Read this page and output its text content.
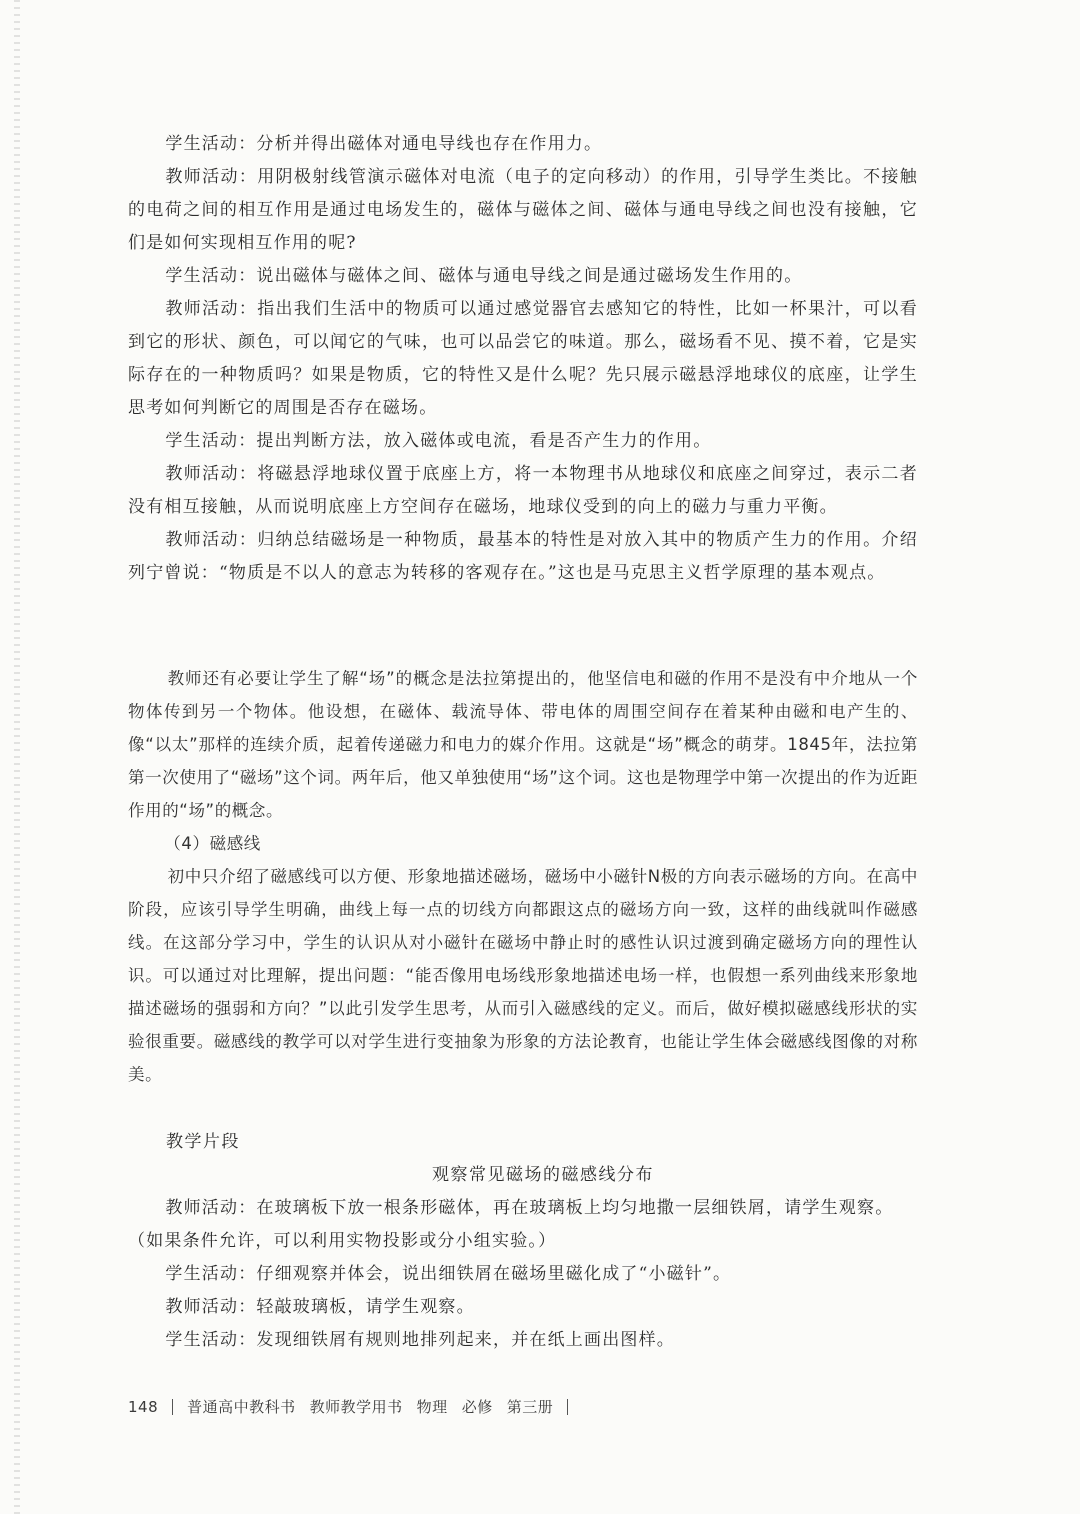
学生活动：分析并得出磁体对通电导线也存在作用力。

教师活动：用阴极射线管演示磁体对电流（电子的定向移动）的作用，引导学生类比。不接触的电荷之间的相互作用是通过电场发生的，磁体与磁体之间、磁体与通电导线之间也没有接触，它们是如何实现相互作用的呢?

学生活动：说出磁体与磁体之间、磁体与通电导线之间是通过磁场发生作用的。

教师活动：指出我们生活中的物质可以通过感觉器官去感知它的特性，比如一杯果汁，可以看到它的形状、颜色，可以闻它的气味，也可以品尝它的味道。那么，磁场看不见、摸不着，它是实际存在的一种物质吗？如果是物质，它的特性又是什么呢？先只展示磁悬浮地球仪的底座，让学生思考如何判断它的周围是否存在磁场。

学生活动：提出判断方法，放入磁体或电流，看是否产生力的作用。

教师活动：将磁悬浮地球仪置于底座上方，将一本物理书从地球仪和底座之间穿过，表示二者没有相互接触，从而说明底座上方空间存在磁场，地球仪受到的向上的磁力与重力平衡。

教师活动：归纳总结磁场是一种物质，最基本的特性是对放入其中的物质产生力的作用。介绍列宁曾说：“物质是不以人的意志为转移的客观存在。”这也是马克思主义哲学原理的基本观点。

教师还有必要让学生了解“场”的概念是法拉第提出的，他坚信电和磁的作用不是没有中介地从一个物体传到另一个物体。他设想，在磁体、载流导体、带电体的周围空间存在着某种由磁和电产生的、像“以太”那样的连续介质，起着传递磁力和电力的媒介作用。这就是“场”概念的萌芽。1845年，法拉第第一次使用了“磁场”这个词。两年后，他又单独使用“场”这个词。这也是物理学中第一次提出的作为近距作用的“场”的概念。

（4）磁感线

初中只介绍了磁感线可以方便、形象地描述磁场，磁场中小磁针N极的方向表示磁场的方向。在高中阶段，应该引导学生明确，曲线上每一点的切线方向都跟这点的磁场方向一致，这样的曲线就叫作磁感线。在这部分学习中，学生的认识从对小磁针在磁场中静止时的感性认识过渡到确定磁场方向的理性认识。可以通过对比理解，提出问题：“能否像用电场线形象地描述电场一样，也假想一系列曲线来形象地描述磁场的强弱和方向？”以此引发学生思考，从而引入磁感线的定义。而后，做好模拟磁感线形状的实验很重要。磁感线的教学可以对学生进行变抽象为形象的方法论教育，也能让学生体会磁感线图像的对称美。

教学片段
观察常见磁场的磁感线分布

教师活动：在玻璃板下放一根条形磁体，再在玻璃板上均匀地撒一层细铁屑，请学生观察。

（如果条件允许，可以利用实物投影或分小组实验。）

学生活动：仔细观察并体会，说出细铁屑在磁场里磁化成了“小磁针”。

教师活动：轻敲玻璃板，请学生观察。

学生活动：发现细铁屑有规则地排列起来，并在纸上画出图样。

148 普通高中教科书 教师教学用书 物理 必修 第三册
